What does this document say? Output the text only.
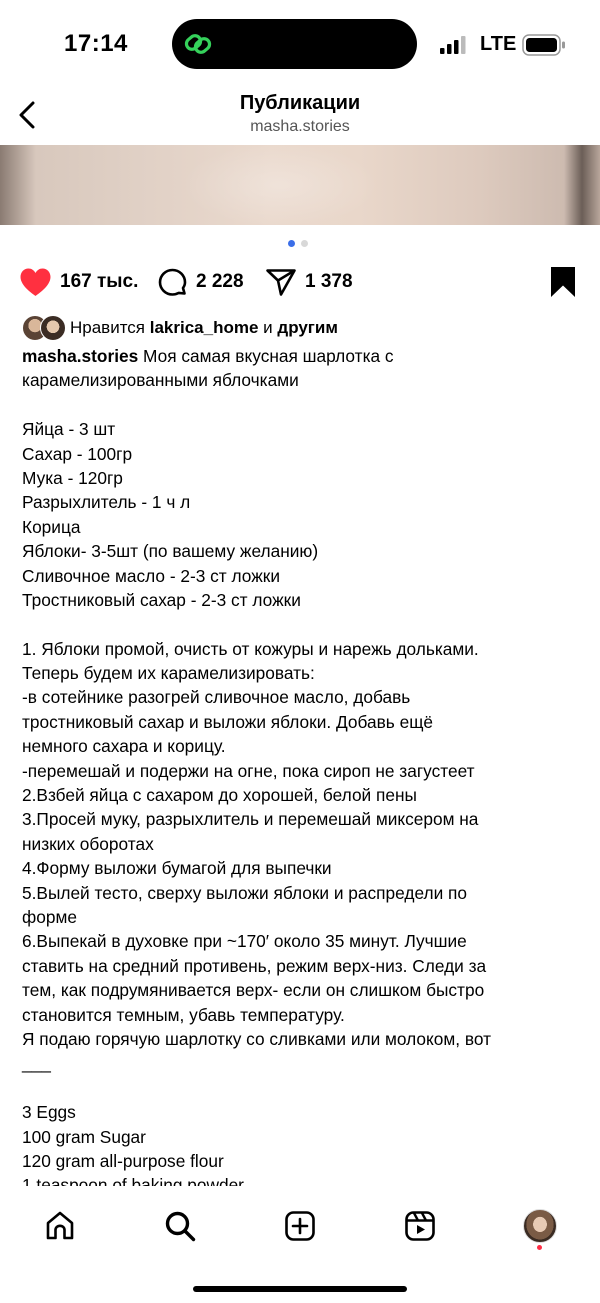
17:14	LTE
Публикации
masha.stories
167 тыс.	2 228	1 378
Нравится
lakrica_home
и
другим
masha.stories Моя самая вкусная шарлотка с
карамелизированными яблочками
Яйца - 3 шт
Сахар - 100гр
Мука - 120гр
Разрыхлитель - 1 ч л
Корица
Яблоки- 3-5шт (по вашему желанию)
Сливочное масло - 2-3 ст ложки
Тростниковый сахар - 2-3 ст ложки
1. Яблоки промой, очисть от кожуры и нарежь дольками.
Теперь будем их карамелизировать:
-в сотейнике разогрей сливочное масло, добавь
тростниковый сахар и выложи яблоки. Добавь ещё
немного сахара и корицу.
-перемешай и подержи на огне, пока сироп не загустеет
2.Взбей яйца с сахаром до хорошей, белой пены
3.Просей муку, разрыхлитель и перемешай миксером на
низких оборотах
4.Форму выложи бумагой для выпечки
5.Вылей тесто, сверху выложи яблоки и распредели по
форме
6.Выпекай в духовке при ~170′ около 35 минут. Лучшие
ставить на средний противень, режим верх-низ. Следи за
тем, как подрумянивается верх- если он слишком быстро
становится темным, убавь температуру.
Я подаю горячую шарлотку со сливками или молоком, вот
___
3 Eggs
100 gram Sugar
120 gram all-purpose flour
